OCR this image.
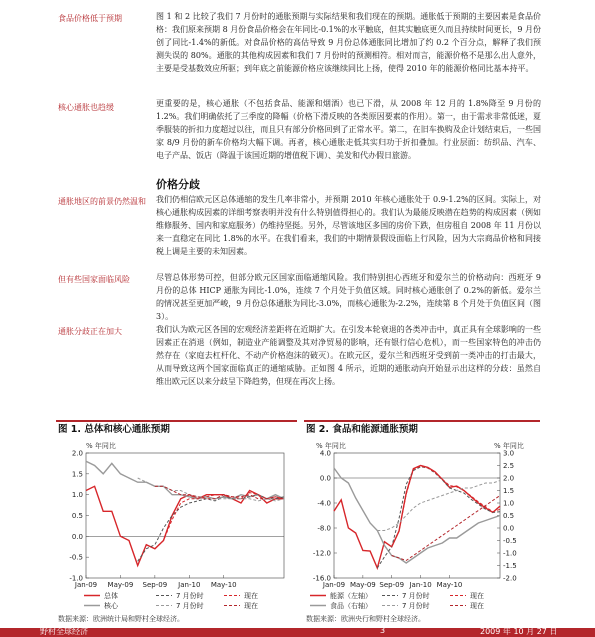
食品价格低于预期	图 1 和 2 比较了我们 7 月份时的通胀预期与实际结果和我们现在的预期。通胀低于预期的主要因素是食品价格：我们原来预期 8 月份食品价格会在年同比-0.1%的水平触底，但其实触底更久而且持续时间更长，9 月份创了同比-1.4%的新低。对食品价格的高估导致 9 月份总体通胀同比增加了约 0.2 个百分点，解释了我们预测失误的 80%。通胀的其他构成因素和我们 7 月份时的预测相符。相对而言，能源价格不是那么出人意外，主要是受基数效应所驱；到年底之前能源价格应该继续同比上扬，使得 2010 年的能源价格同比基本持平。
核心通胀也趋缓	更重要的是，核心通胀（不包括食品、能源和烟酒）也已下滑，从 2008 年 12 月的 1.8%降至 9 月份的 1.2%。我们明确依托了三季度的降幅（价格下滑反映的各类原因要素的作用）。第一，由于需求非常低迷，夏季服装的折扣力度超过以往，而且只有部分价格回到了正常水平。第二，在旧车换购及企计划结束后，一些国家 8/9 月份的新车价格均大幅下调。再者，核心通胀走低其实归功于折扣叠加。行业层面：纺织品、汽车、电子产品、饭店（降温于该国近期的增值税下调）、美发和代办假日旅游。
价格分歧
通胀地区的前景仍然温和	我们仍相信欧元区总体通缩的发生几率非常小，并预期 2010 年核心通胀处于 0.9-1.2%的区间。实际上，对核心通胀构成因素的详细考察表明并没有什么特别值得担心的。我们认为最能反映潜在趋势的构成因素（例如维修服务、国内和家庭服务）仍维持坚挺。另外，尽管该地区多国的房价下跌，但房租自 2008 年 11 月份以来一直稳定在同比 1.8%的水平。在我们看来，我们的中期情景假设面临上行风险，因为大宗商品价格和同接税上调是主要的未知因素。
但有些国家面临风险	尽管总体形势可控，但部分欧元区国家面临通缩风险。我们特别担心西班牙和爱尔兰的价格动向：西班牙 9 月份的总体 HICP 通胀为同比-1.0%，连续 7 个月处于负值区域。同时核心通胀创了 0.2%的新低。爱尔兰的情况甚至更加严峻，9 月份总体通胀为同比-3.0%，而核心通胀为-2.2%，连续第 8 个月处于负值区间（图 3）。
通胀分歧正在加大	我们认为欧元区各国的宏观经济差距将在近期扩大。在引发本轮衰退的各类冲击中，真正具有全球影响的一些因素正在消退（例如，制造业产能调整及其对净贸易的影响，还有银行信心危机），而一些国家特色的冲击仍然存在（家庭去杠杆化、不动产价格泡沫的破灭）。在欧元区，爱尔兰和西班牙受到前一类冲击的打击最大，从而导致这两个国家面临真正的通缩威胁。正如图 4 所示，近期的通胀动向开始显示出这样的分歧：虽然自维出欧元区以来分歧呈下降趋势，但现在再次上扬。
图 1. 总体和核心通胀预期
% 年同比
-1.0
-0.5
0.0
0.5
1.0
1.5
2.0
Jan-09 May-09 Sep-09 Jan-10 May-10
总体	7 月份时	现在
核心	7 月份时	现在
数据来源：欧洲统计局和野村全球经济。
图 2. 食品和能源通胀预期
% 年同比	% 年同比
-16.0
-12.0
-8.0
-4.0
0.0
4.0
-2.0
-1.5
-1.0
-0.5
0.0
0.5
1.0
1.5
2.0
2.5
3.0
Jan-09 May-09 Sep-09 Jan-10 May-10
能源（左轴）	7 月份时	现在
食品（右轴）	7 月份时	现在
数据来源：欧洲央行和野村全球经济。
野村全球经济	3	2009 年 10 月 27 日
